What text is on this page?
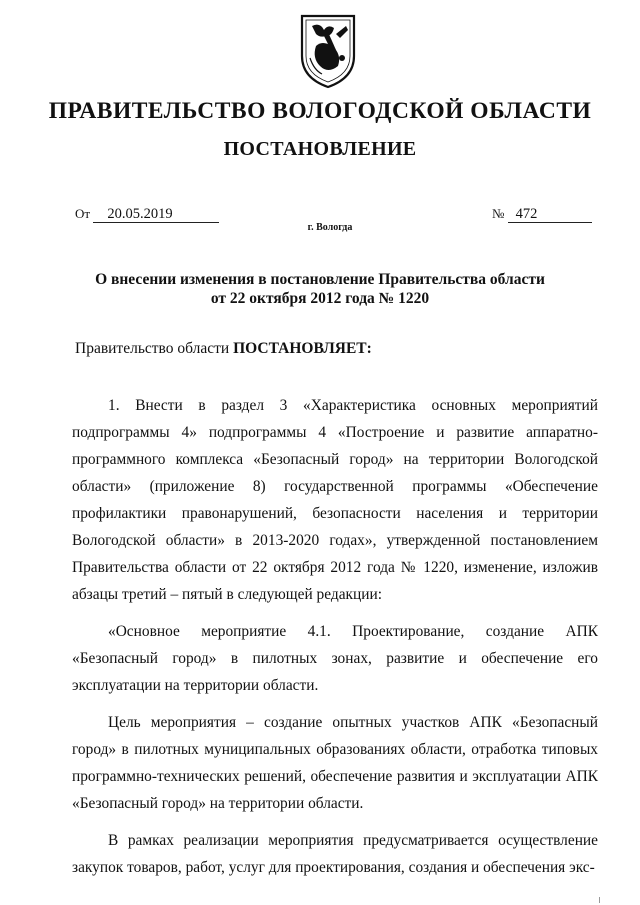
ПРАВИТЕЛЬСТВО ВОЛОГОДСКОЙ ОБЛАСТИ
ПОСТАНОВЛЕНИЕ
От 20.05.2019	№ 472
г. Вологда
О внесении изменения в постановление Правительства области
от 22 октября 2012 года № 1220
Правительство области ПОСТАНОВЛЯЕТ:

1. Внести в раздел 3 «Характеристика основных мероприятий подпрограммы 4» подпрограммы 4 «Построение и развитие аппаратно-программного комплекса «Безопасный город» на территории Вологодской области» (приложение 8) государственной программы «Обеспечение профилактики правонарушений, безопасности населения и территории Вологодской области» в 2013-2020 годах», утвержденной постановлением Правительства области от 22 октября 2012 года № 1220, изменение, изложив абзацы третий – пятый в следующей редакции:

«Основное мероприятие 4.1. Проектирование, создание АПК «Безопасный город» в пилотных зонах, развитие и обеспечение его эксплуатации на территории области.

Цель мероприятия – создание опытных участков АПК «Безопасный город» в пилотных муниципальных образованиях области, отработка типовых программно-технических решений, обеспечение развития и эксплуатации АПК «Безопасный город» на территории области.

В рамках реализации мероприятия предусматривается осуществление закупок товаров, работ, услуг для проектирования, создания и обеспечения экс-
